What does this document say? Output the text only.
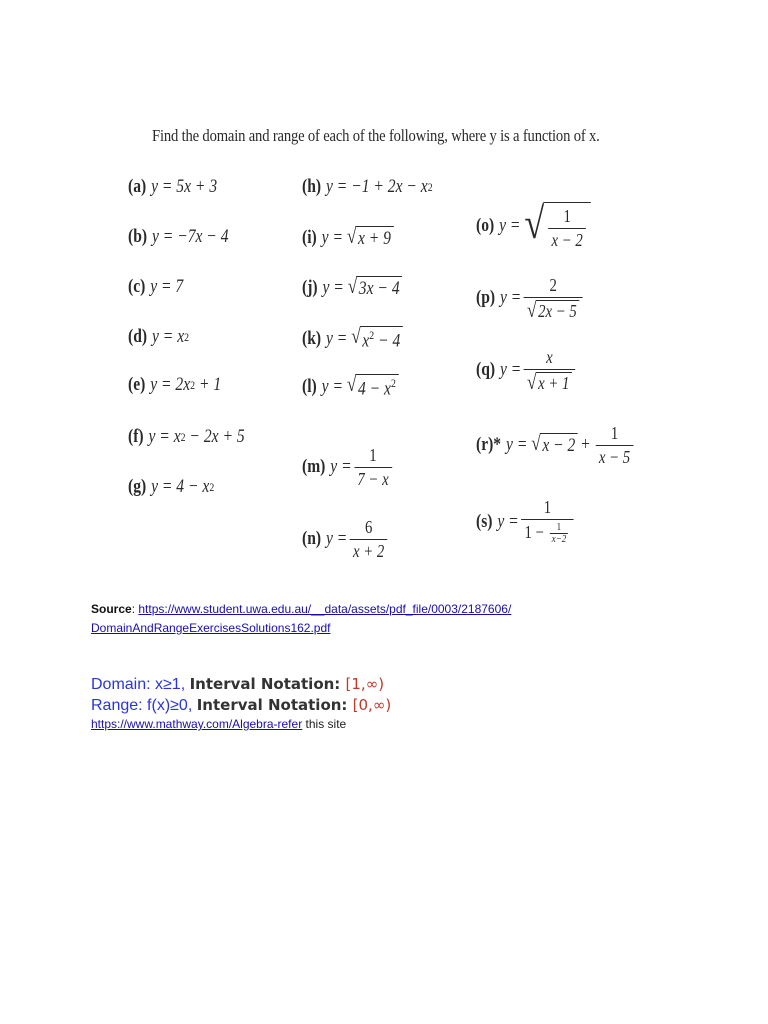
Find the domain and range of each of the following, where y is a function of x.
(a) y = 5x + 3
(b) y = −7x − 4
(c) y = 7
(d) y =
x 2
(e) y = 2x 2
+ 1
(f) y = x 2
− 2x + 5
(g) y = 4 − x 2
(h) y = −1 + 2x − x 2
(i) y =
√ x + 9
(j) y =
√ 3x − 4
(k) y =
√ $x^2 - 4$
(l) y =
√ $4 - x^2$
(m) $y = \frac{1}{7 - x}$
(n) $y = \frac{6}{x + 2}$
(o) y =
√ $\frac{1}{x - 2}$
(p) $y = \frac{2}{√ 2x - 5}$
(q) $y = \frac{x}{√ x + 1}$
(r)* y =
√ $x - 2 + \frac{1}{x - 5}$
(s) $y = \frac{1}{1 - \frac{1}{x-2}}$
Source: https://www.student.uwa.edu.au/__data/assets/pdf_file/0003/2187606/
DomainAndRangeExercisesSolutions162.pdf
Domain: x≥1, Interval Notation: [1,∞)
Range: f(x)≥0, Interval Notation: [0,∞)
https://www.mathway.com/Algebra-refer this site
